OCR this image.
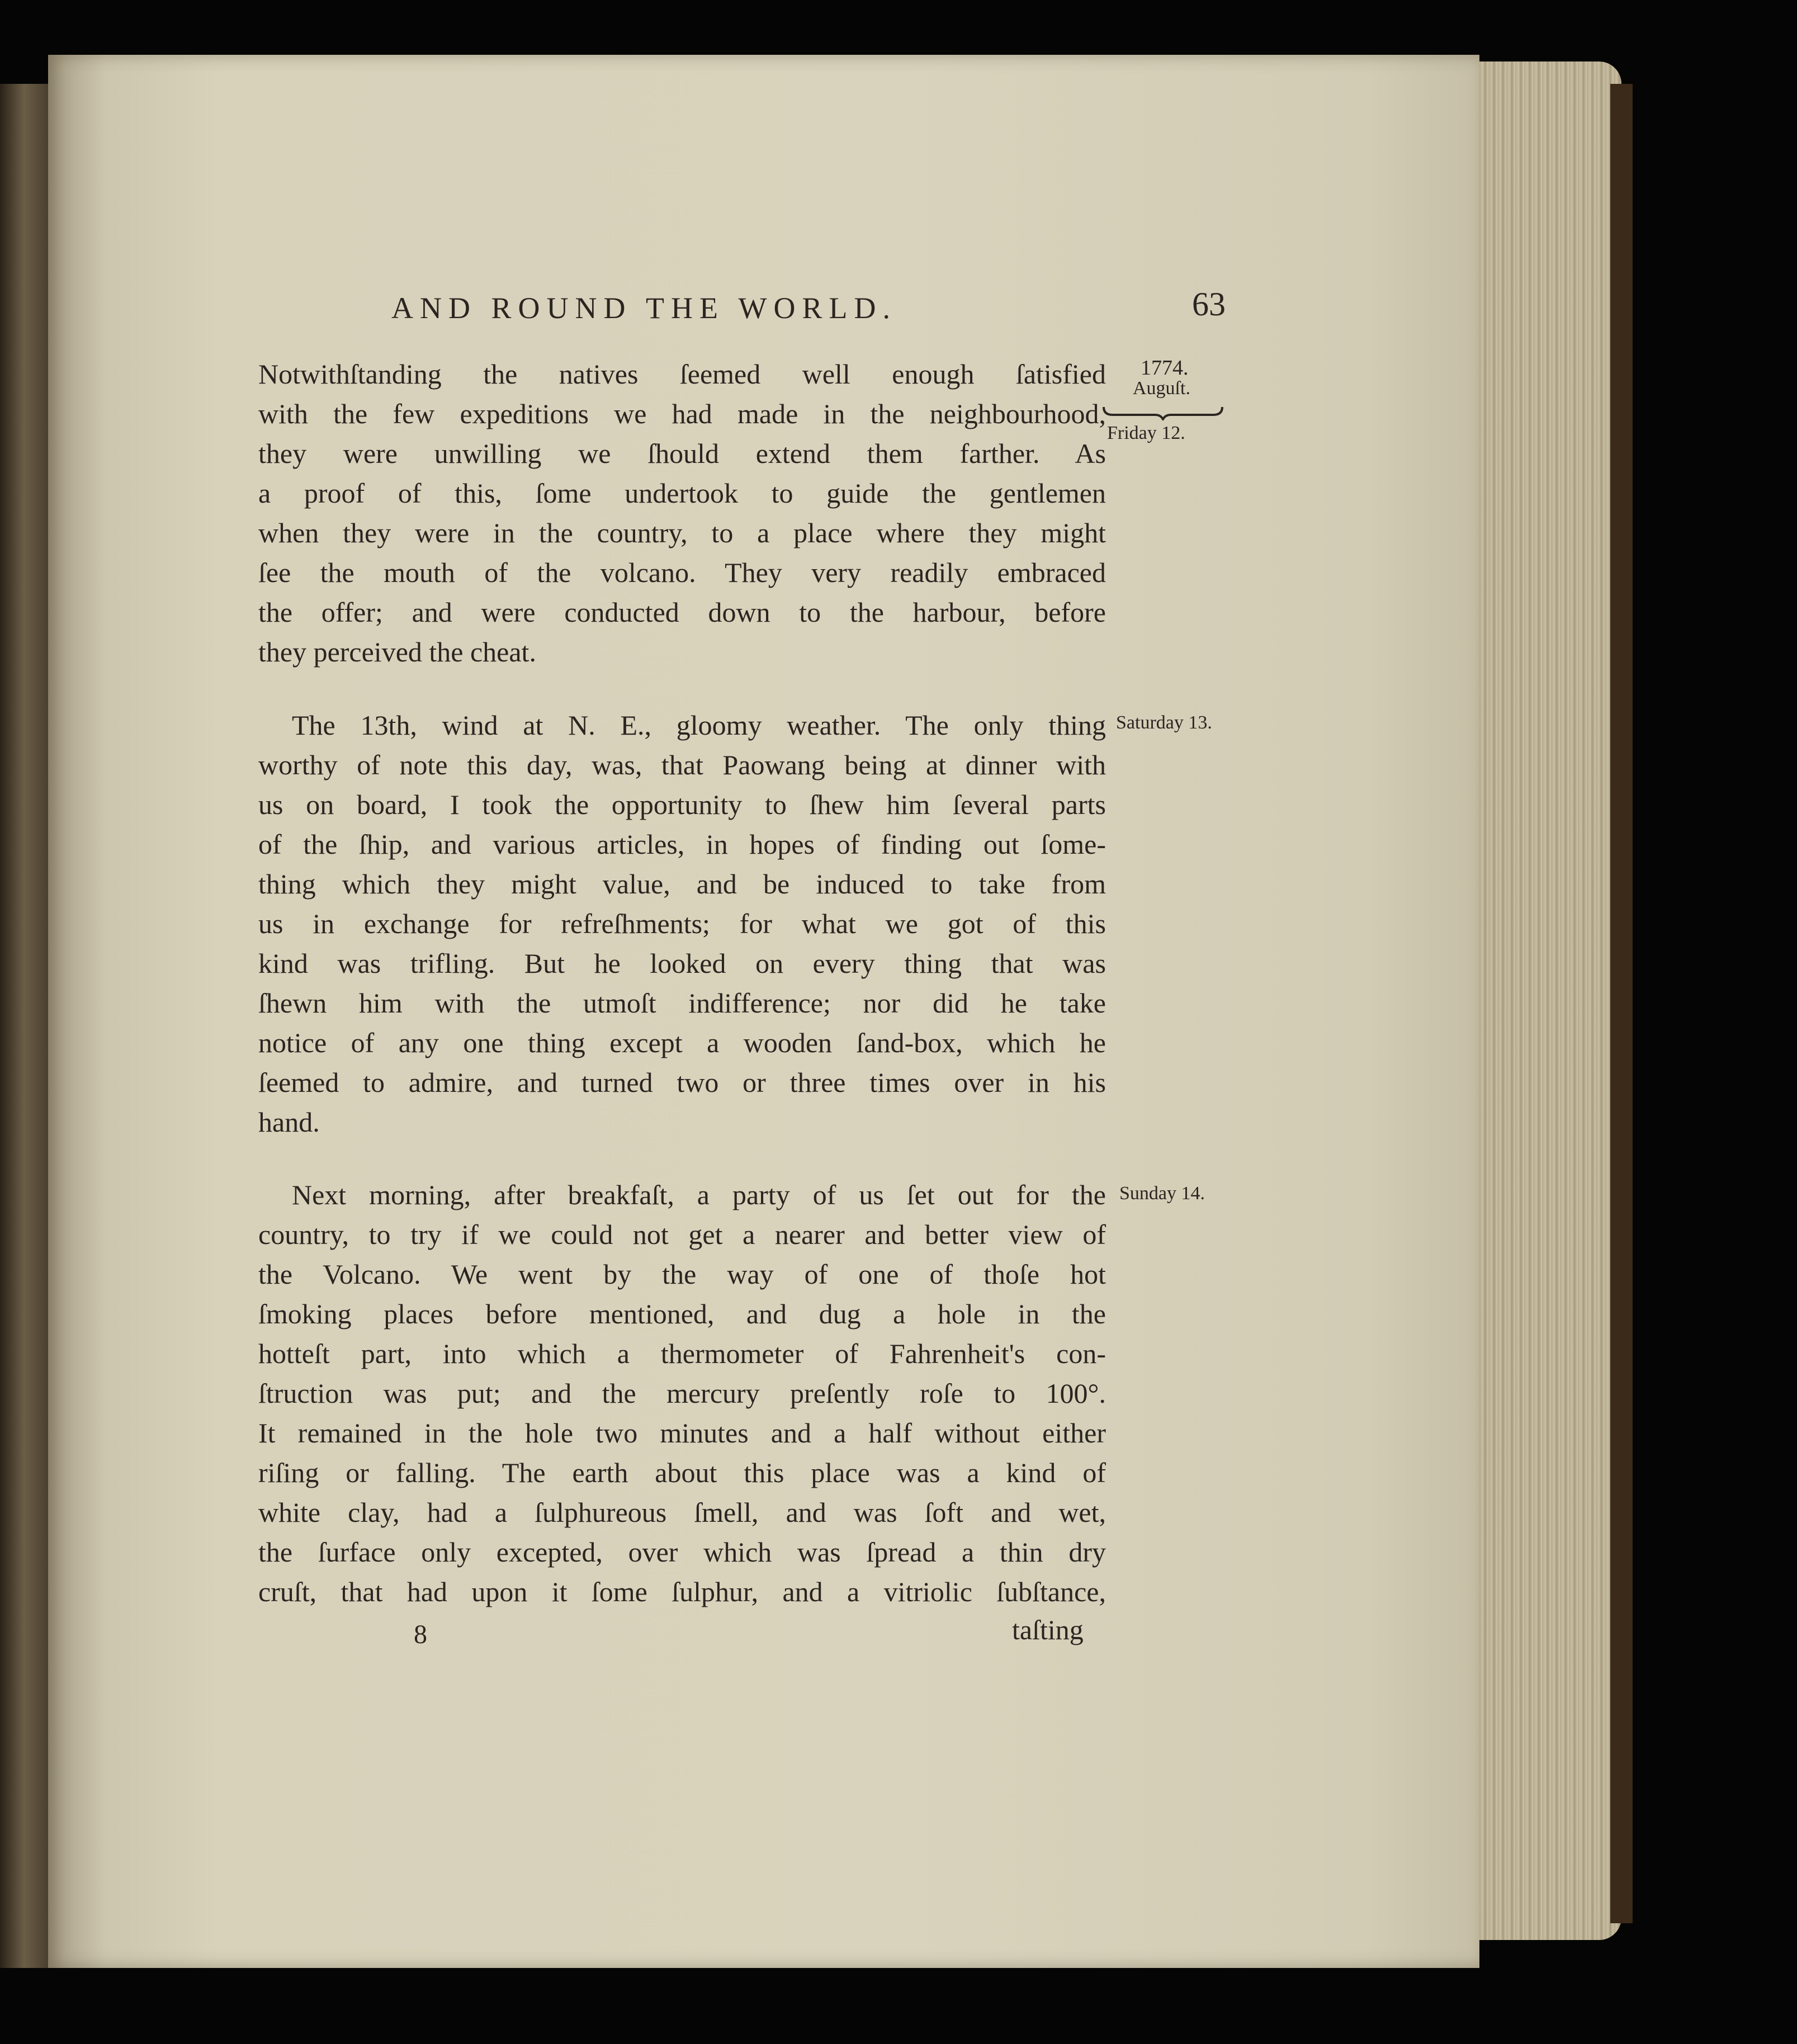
AND ROUND THE WORLD.	63
1774.
Auguſt.
Friday 12.
Saturday 13.
Sunday 14.
Notwithſtanding the natives ſeemed well enough ſatisfied
with the few expeditions we had made in the neighbourhood,
they were unwilling we ſhould extend them farther. As
a proof of this, ſome undertook to guide the gentlemen
when they were in the country, to a place where they might
ſee the mouth of the volcano. They very readily embraced
the offer; and were conducted down to the harbour, before
they perceived the cheat.
The 13th, wind at N. E., gloomy weather. The only thing
worthy of note this day, was, that Paowang being at dinner with
us on board, I took the opportunity to ſhew him ſeveral parts
of the ſhip, and various articles, in hopes of finding out ſome-
thing which they might value, and be induced to take from
us in exchange for refreſhments; for what we got of this
kind was trifling. But he looked on every thing that was
ſhewn him with the utmoſt indifference; nor did he take
notice of any one thing except a wooden ſand-box, which he
ſeemed to admire, and turned two or three times over in his
hand.
Next morning, after breakfaſt, a party of us ſet out for the
country, to try if we could not get a nearer and better view of
the Volcano. We went by the way of one of thoſe hot
ſmoking places before mentioned, and dug a hole in the
hotteſt part, into which a thermometer of Fahrenheit's con-
ſtruction was put; and the mercury preſently roſe to 100°.
It remained in the hole two minutes and a half without either
riſing or falling. The earth about this place was a kind of
white clay, had a ſulphureous ſmell, and was ſoft and wet,
the ſurface only excepted, over which was ſpread a thin dry
cruſt, that had upon it ſome ſulphur, and a vitriolic ſubſtance,
8	taſting
